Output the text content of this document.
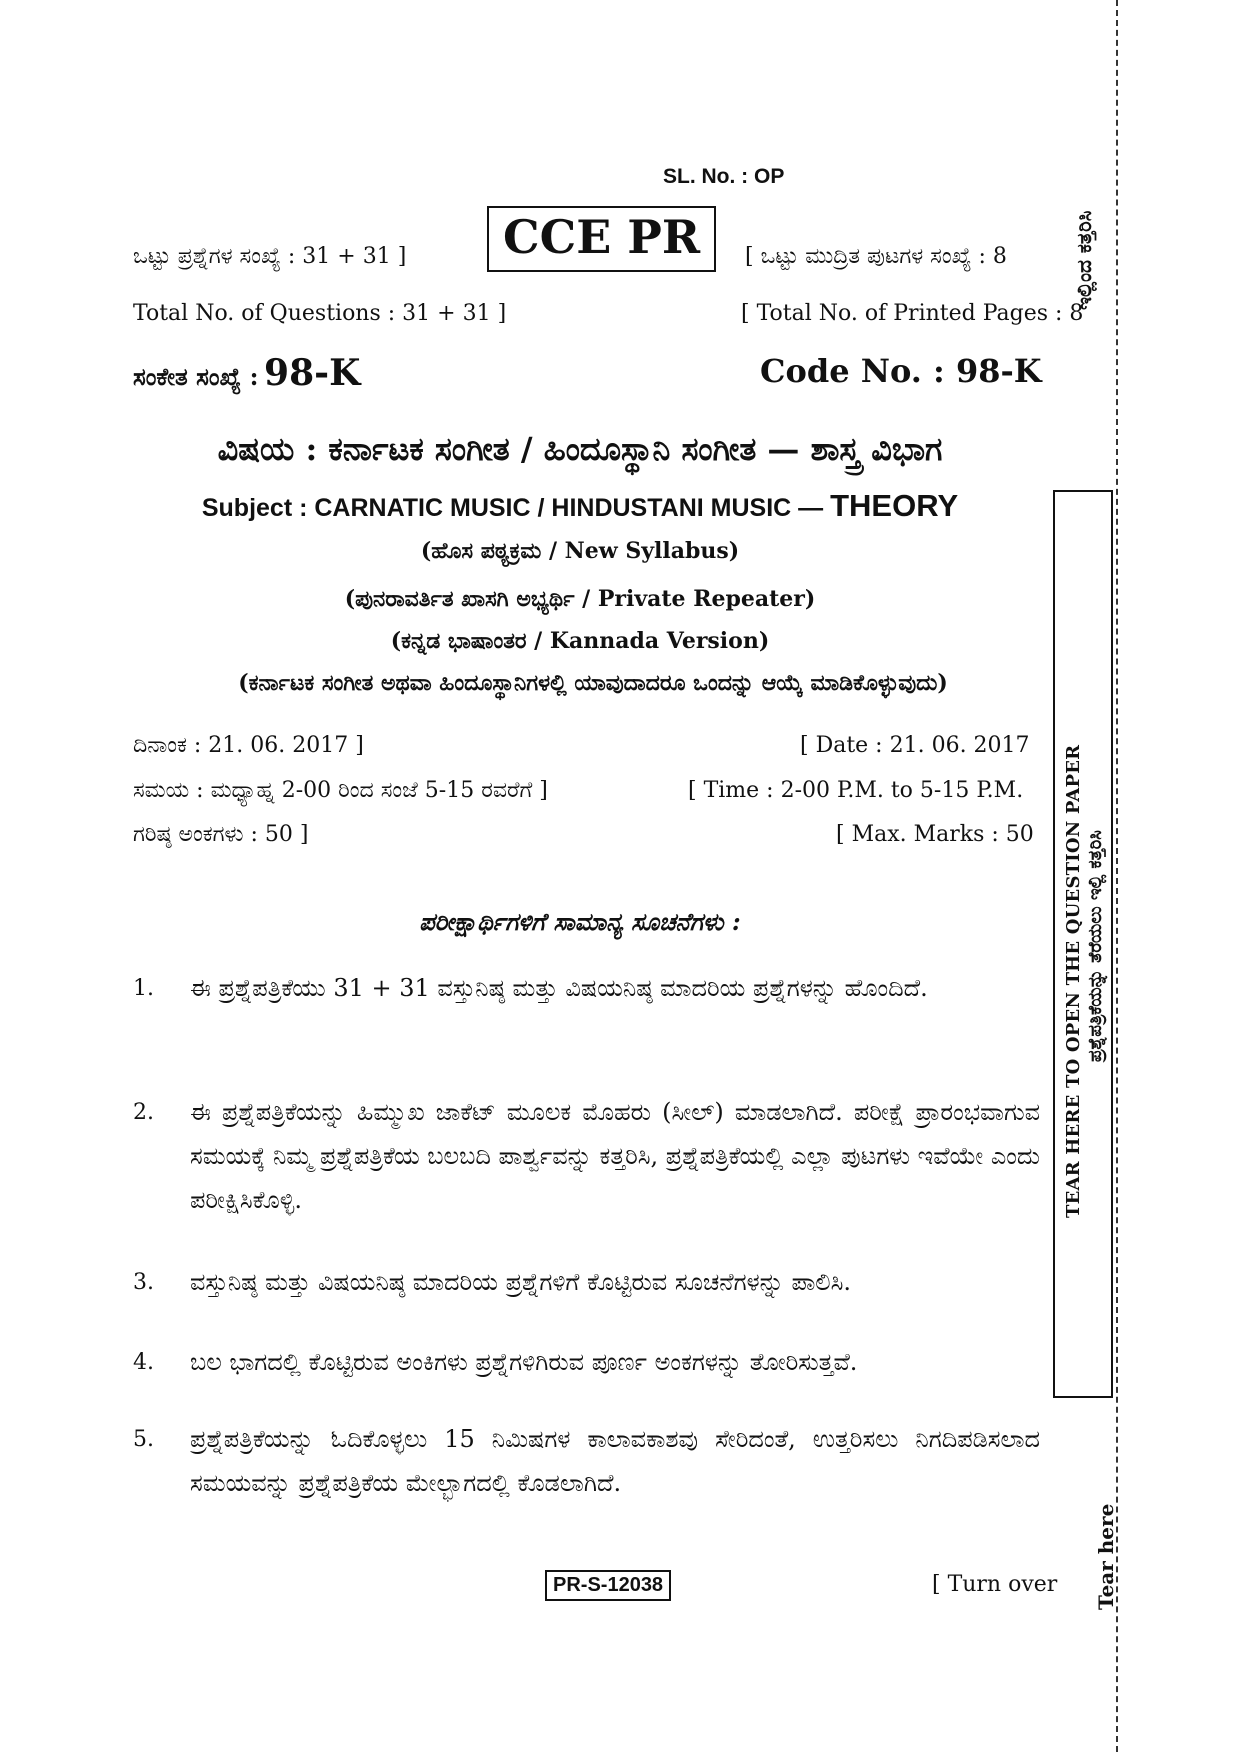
SL. No. : OP
CCE PR
ಒಟ್ಟು ಪ್ರಶ್ನೆಗಳ ಸಂಖ್ಯೆ : 31 + 31 ]	[ ಒಟ್ಟು ಮುದ್ರಿತ ಪುಟಗಳ ಸಂಖ್ಯೆ : 8
Total No. of Questions : 31 + 31 ]	[ Total No. of Printed Pages : 8
ಸಂಕೇತ ಸಂಖ್ಯೆ : 98-K	Code No. : 98-K
ವಿಷಯ : ಕರ್ನಾಟಕ ಸಂಗೀತ / ಹಿಂದೂಸ್ಥಾನಿ ಸಂಗೀತ — ಶಾಸ್ತ್ರ ವಿಭಾಗ
Subject : CARNATIC MUSIC / HINDUSTANI MUSIC — THEORY
(ಹೊಸ ಪಠ್ಯಕ್ರಮ / New Syllabus)
(ಪುನರಾವರ್ತಿತ ಖಾಸಗಿ ಅಭ್ಯರ್ಥಿ / Private Repeater)
(ಕನ್ನಡ ಭಾಷಾಂತರ / Kannada Version)
(ಕರ್ನಾಟಕ ಸಂಗೀತ ಅಥವಾ ಹಿಂದೂಸ್ಥಾನಿಗಳಲ್ಲಿ ಯಾವುದಾದರೂ ಒಂದನ್ನು ಆಯ್ಕೆ ಮಾಡಿಕೊಳ್ಳುವುದು)
ದಿನಾಂಕ : 21. 06. 2017 ]	[ Date : 21. 06. 2017
ಸಮಯ : ಮಧ್ಯಾಹ್ನ 2-00 ರಿಂದ ಸಂಜೆ 5-15 ರವರೆಗೆ ]	[ Time : 2-00 P.M. to 5-15 P.M.
ಗರಿಷ್ಠ ಅಂಕಗಳು : 50 ]	[ Max. Marks : 50
ಪರೀಕ್ಷಾರ್ಥಿಗಳಿಗೆ ಸಾಮಾನ್ಯ ಸೂಚನೆಗಳು :
1. ಈ ಪ್ರಶ್ನೆಪತ್ರಿಕೆಯು 31 + 31 ವಸ್ತುನಿಷ್ಠ ಮತ್ತು ವಿಷಯನಿಷ್ಠ ಮಾದರಿಯ ಪ್ರಶ್ನೆಗಳನ್ನು ಹೊಂದಿದೆ.
2. ಈ ಪ್ರಶ್ನೆಪತ್ರಿಕೆಯನ್ನು ಹಿಮ್ಮುಖ ಜಾಕೆಟ್ ಮೂಲಕ ಮೊಹರು (ಸೀಲ್) ಮಾಡಲಾಗಿದೆ. ಪರೀಕ್ಷೆ ಪ್ರಾರಂಭವಾಗುವ ಸಮಯಕ್ಕೆ ನಿಮ್ಮ ಪ್ರಶ್ನೆಪತ್ರಿಕೆಯ ಬಲಬದಿ ಪಾರ್ಶ್ವವನ್ನು ಕತ್ತರಿಸಿ, ಪ್ರಶ್ನೆಪತ್ರಿಕೆಯಲ್ಲಿ ಎಲ್ಲಾ ಪುಟಗಳು ಇವೆಯೇ ಎಂದು ಪರೀಕ್ಷಿಸಿಕೊಳ್ಳಿ.
3. ವಸ್ತುನಿಷ್ಠ ಮತ್ತು ವಿಷಯನಿಷ್ಠ ಮಾದರಿಯ ಪ್ರಶ್ನೆಗಳಿಗೆ ಕೊಟ್ಟಿರುವ ಸೂಚನೆಗಳನ್ನು ಪಾಲಿಸಿ.
4. ಬಲ ಭಾಗದಲ್ಲಿ ಕೊಟ್ಟಿರುವ ಅಂಕಿಗಳು ಪ್ರಶ್ನೆಗಳಿಗಿರುವ ಪೂರ್ಣ ಅಂಕಗಳನ್ನು ತೋರಿಸುತ್ತವೆ.
5. ಪ್ರಶ್ನೆಪತ್ರಿಕೆಯನ್ನು ಓದಿಕೊಳ್ಳಲು 15 ನಿಮಿಷಗಳ ಕಾಲಾವಕಾಶವು ಸೇರಿದಂತೆ, ಉತ್ತರಿಸಲು ನಿಗದಿಪಡಿಸಲಾದ ಸಮಯವನ್ನು ಪ್ರಶ್ನೆಪತ್ರಿಕೆಯ ಮೇಲ್ಭಾಗದಲ್ಲಿ ಕೊಡಲಾಗಿದೆ.
PR-S-12038	[ Turn over
ಇಲ್ಲಿಂದ ಕತ್ತರಿಸಿ
TEAR HERE TO OPEN THE QUESTION PAPER ಪ್ರಶ್ನೆಪತ್ರಿಕೆಯನ್ನು ತೆರೆಯಲು ಇಲ್ಲಿ ಕತ್ತರಿಸಿ
Tear here
